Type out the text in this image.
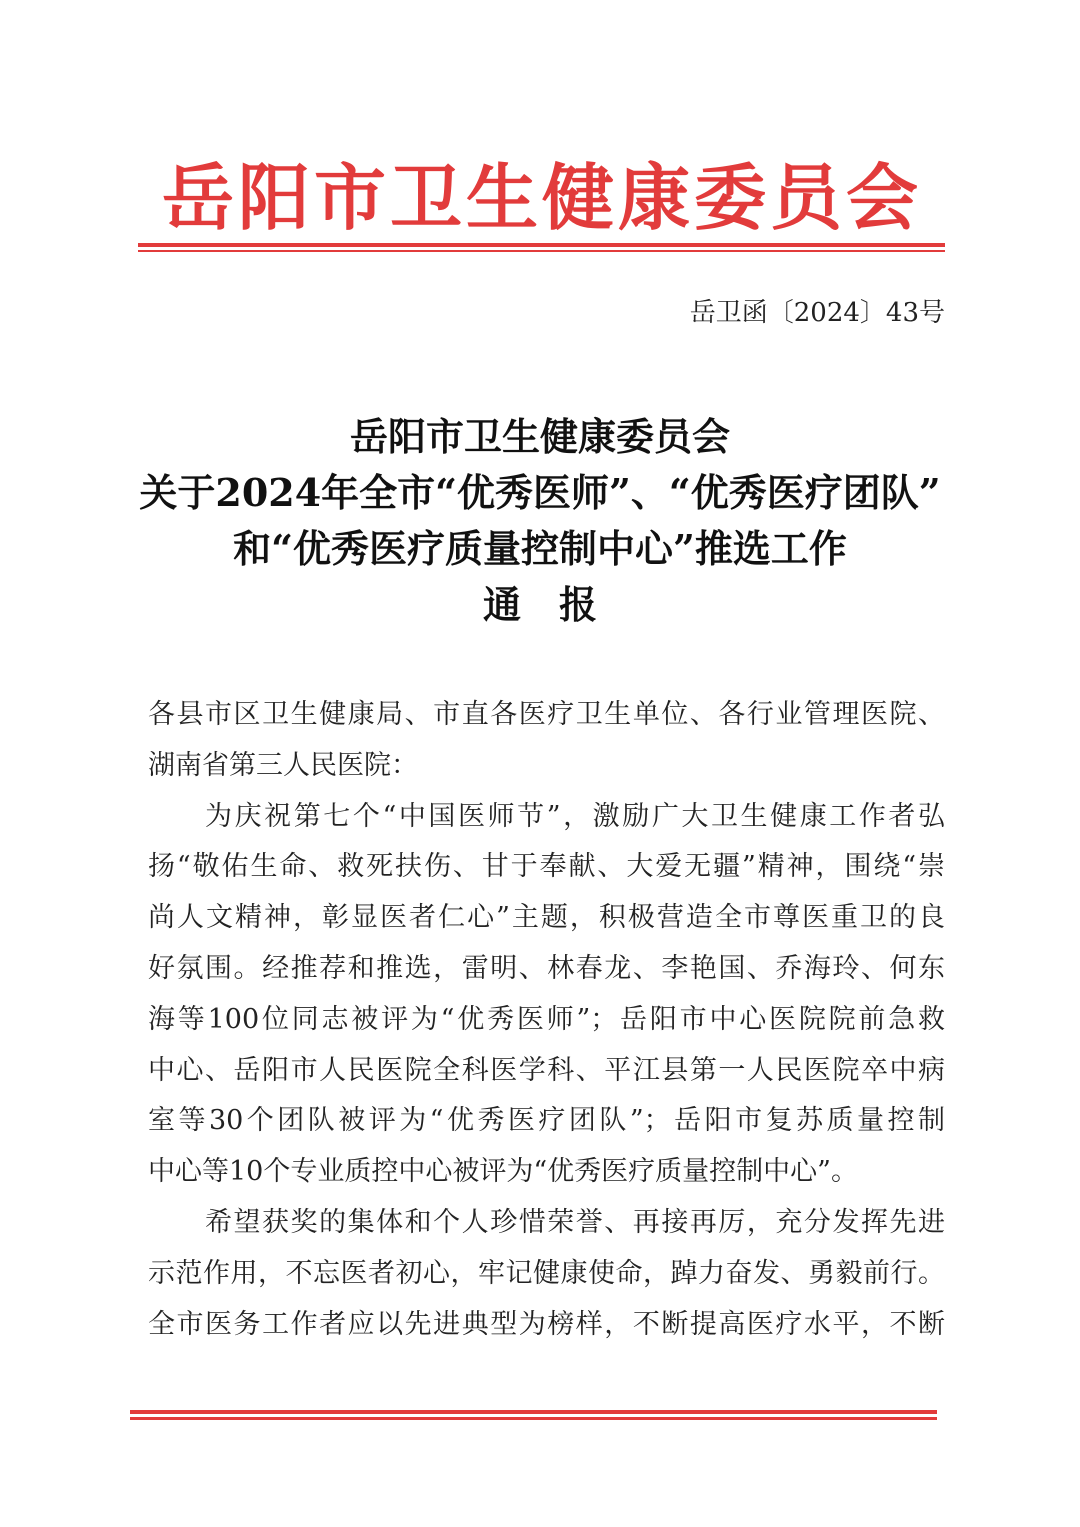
岳阳市卫生健康委员会
岳卫函〔2024〕43号
岳阳市卫生健康委员会
关于2024年全市“优秀医师”、“优秀医疗团队”
和“优秀医疗质量控制中心”推选工作
通　报
各县市区卫生健康局、市直各医疗卫生单位、各行业管理医院、
湖南省第三人民医院：
为庆祝第七个“中国医师节”，激励广大卫生健康工作者弘
扬“敬佑生命、救死扶伤、甘于奉献、大爱无疆”精神，围绕“崇
尚人文精神，彰显医者仁心”主题，积极营造全市尊医重卫的良
好氛围。经推荐和推选，雷明、林春龙、李艳国、乔海玲、何东
海等100位同志被评为“优秀医师”；岳阳市中心医院院前急救
中心、岳阳市人民医院全科医学科、平江县第一人民医院卒中病
室等30个团队被评为“优秀医疗团队”；岳阳市复苏质量控制
中心等10个专业质控中心被评为“优秀医疗质量控制中心”。
希望获奖的集体和个人珍惜荣誉、再接再厉，充分发挥先进
示范作用，不忘医者初心，牢记健康使命，踔力奋发、勇毅前行。
全市医务工作者应以先进典型为榜样，不断提高医疗水平，不断
